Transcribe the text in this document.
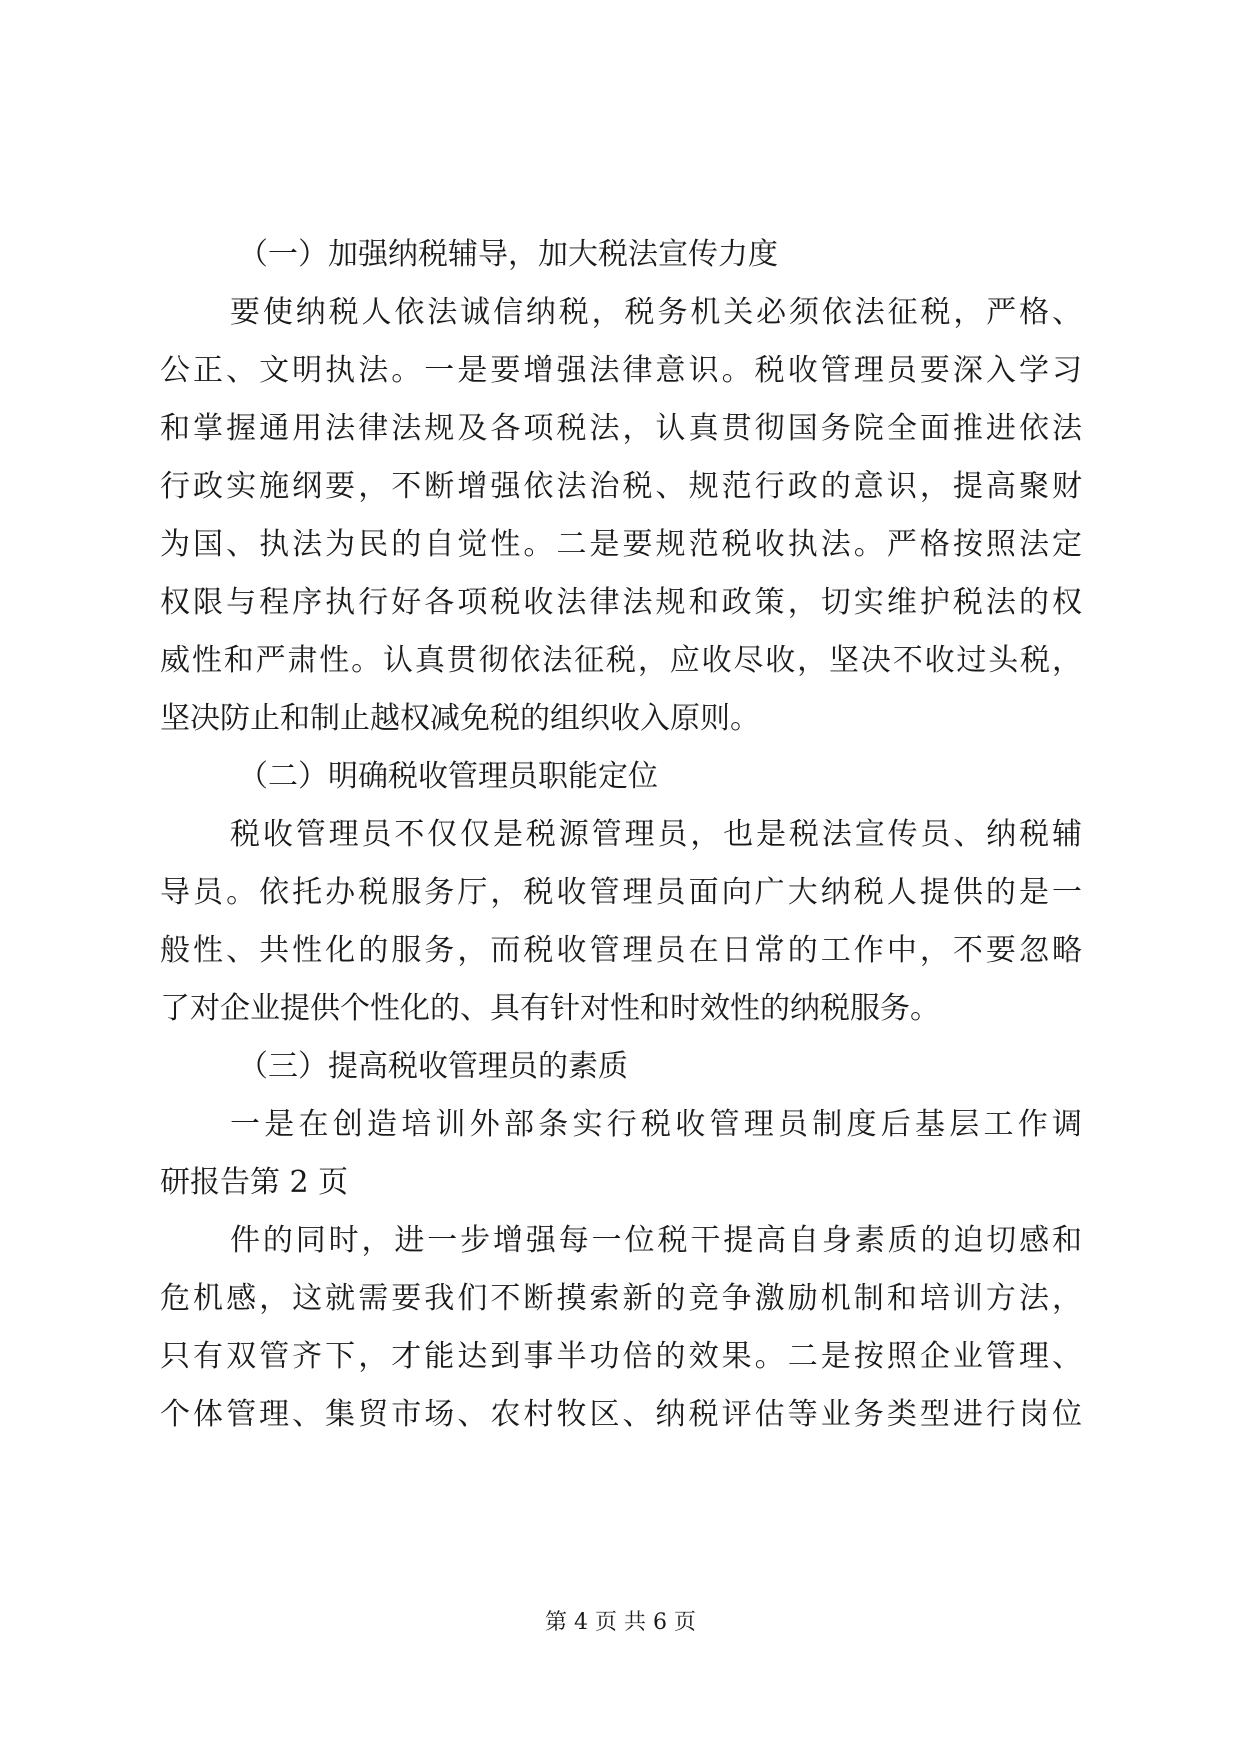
（一）加强纳税辅导，加大税法宣传力度
要使纳税人依法诚信纳税，税务机关必须依法征税，严格、
公正、文明执法。一是要增强法律意识。税收管理员要深入学习
和掌握通用法律法规及各项税法，认真贯彻国务院全面推进依法
行政实施纲要，不断增强依法治税、规范行政的意识，提高聚财
为国、执法为民的自觉性。二是要规范税收执法。严格按照法定
权限与程序执行好各项税收法律法规和政策，切实维护税法的权
威性和严肃性。认真贯彻依法征税，应收尽收，坚决不收过头税，
坚决防止和制止越权减免税的组织收入原则。
（二）明确税收管理员职能定位
税收管理员不仅仅是税源管理员，也是税法宣传员、纳税辅
导员。依托办税服务厅，税收管理员面向广大纳税人提供的是一
般性、共性化的服务，而税收管理员在日常的工作中，不要忽略
了对企业提供个性化的、具有针对性和时效性的纳税服务。
（三）提高税收管理员的素质
一是在创造培训外部条实行税收管理员制度后基层工作调
研报告第 2 页
件的同时，进一步增强每一位税干提高自身素质的迫切感和
危机感，这就需要我们不断摸索新的竞争激励机制和培训方法，
只有双管齐下，才能达到事半功倍的效果。二是按照企业管理、
个体管理、集贸市场、农村牧区、纳税评估等业务类型进行岗位
第 4 页 共 6 页
